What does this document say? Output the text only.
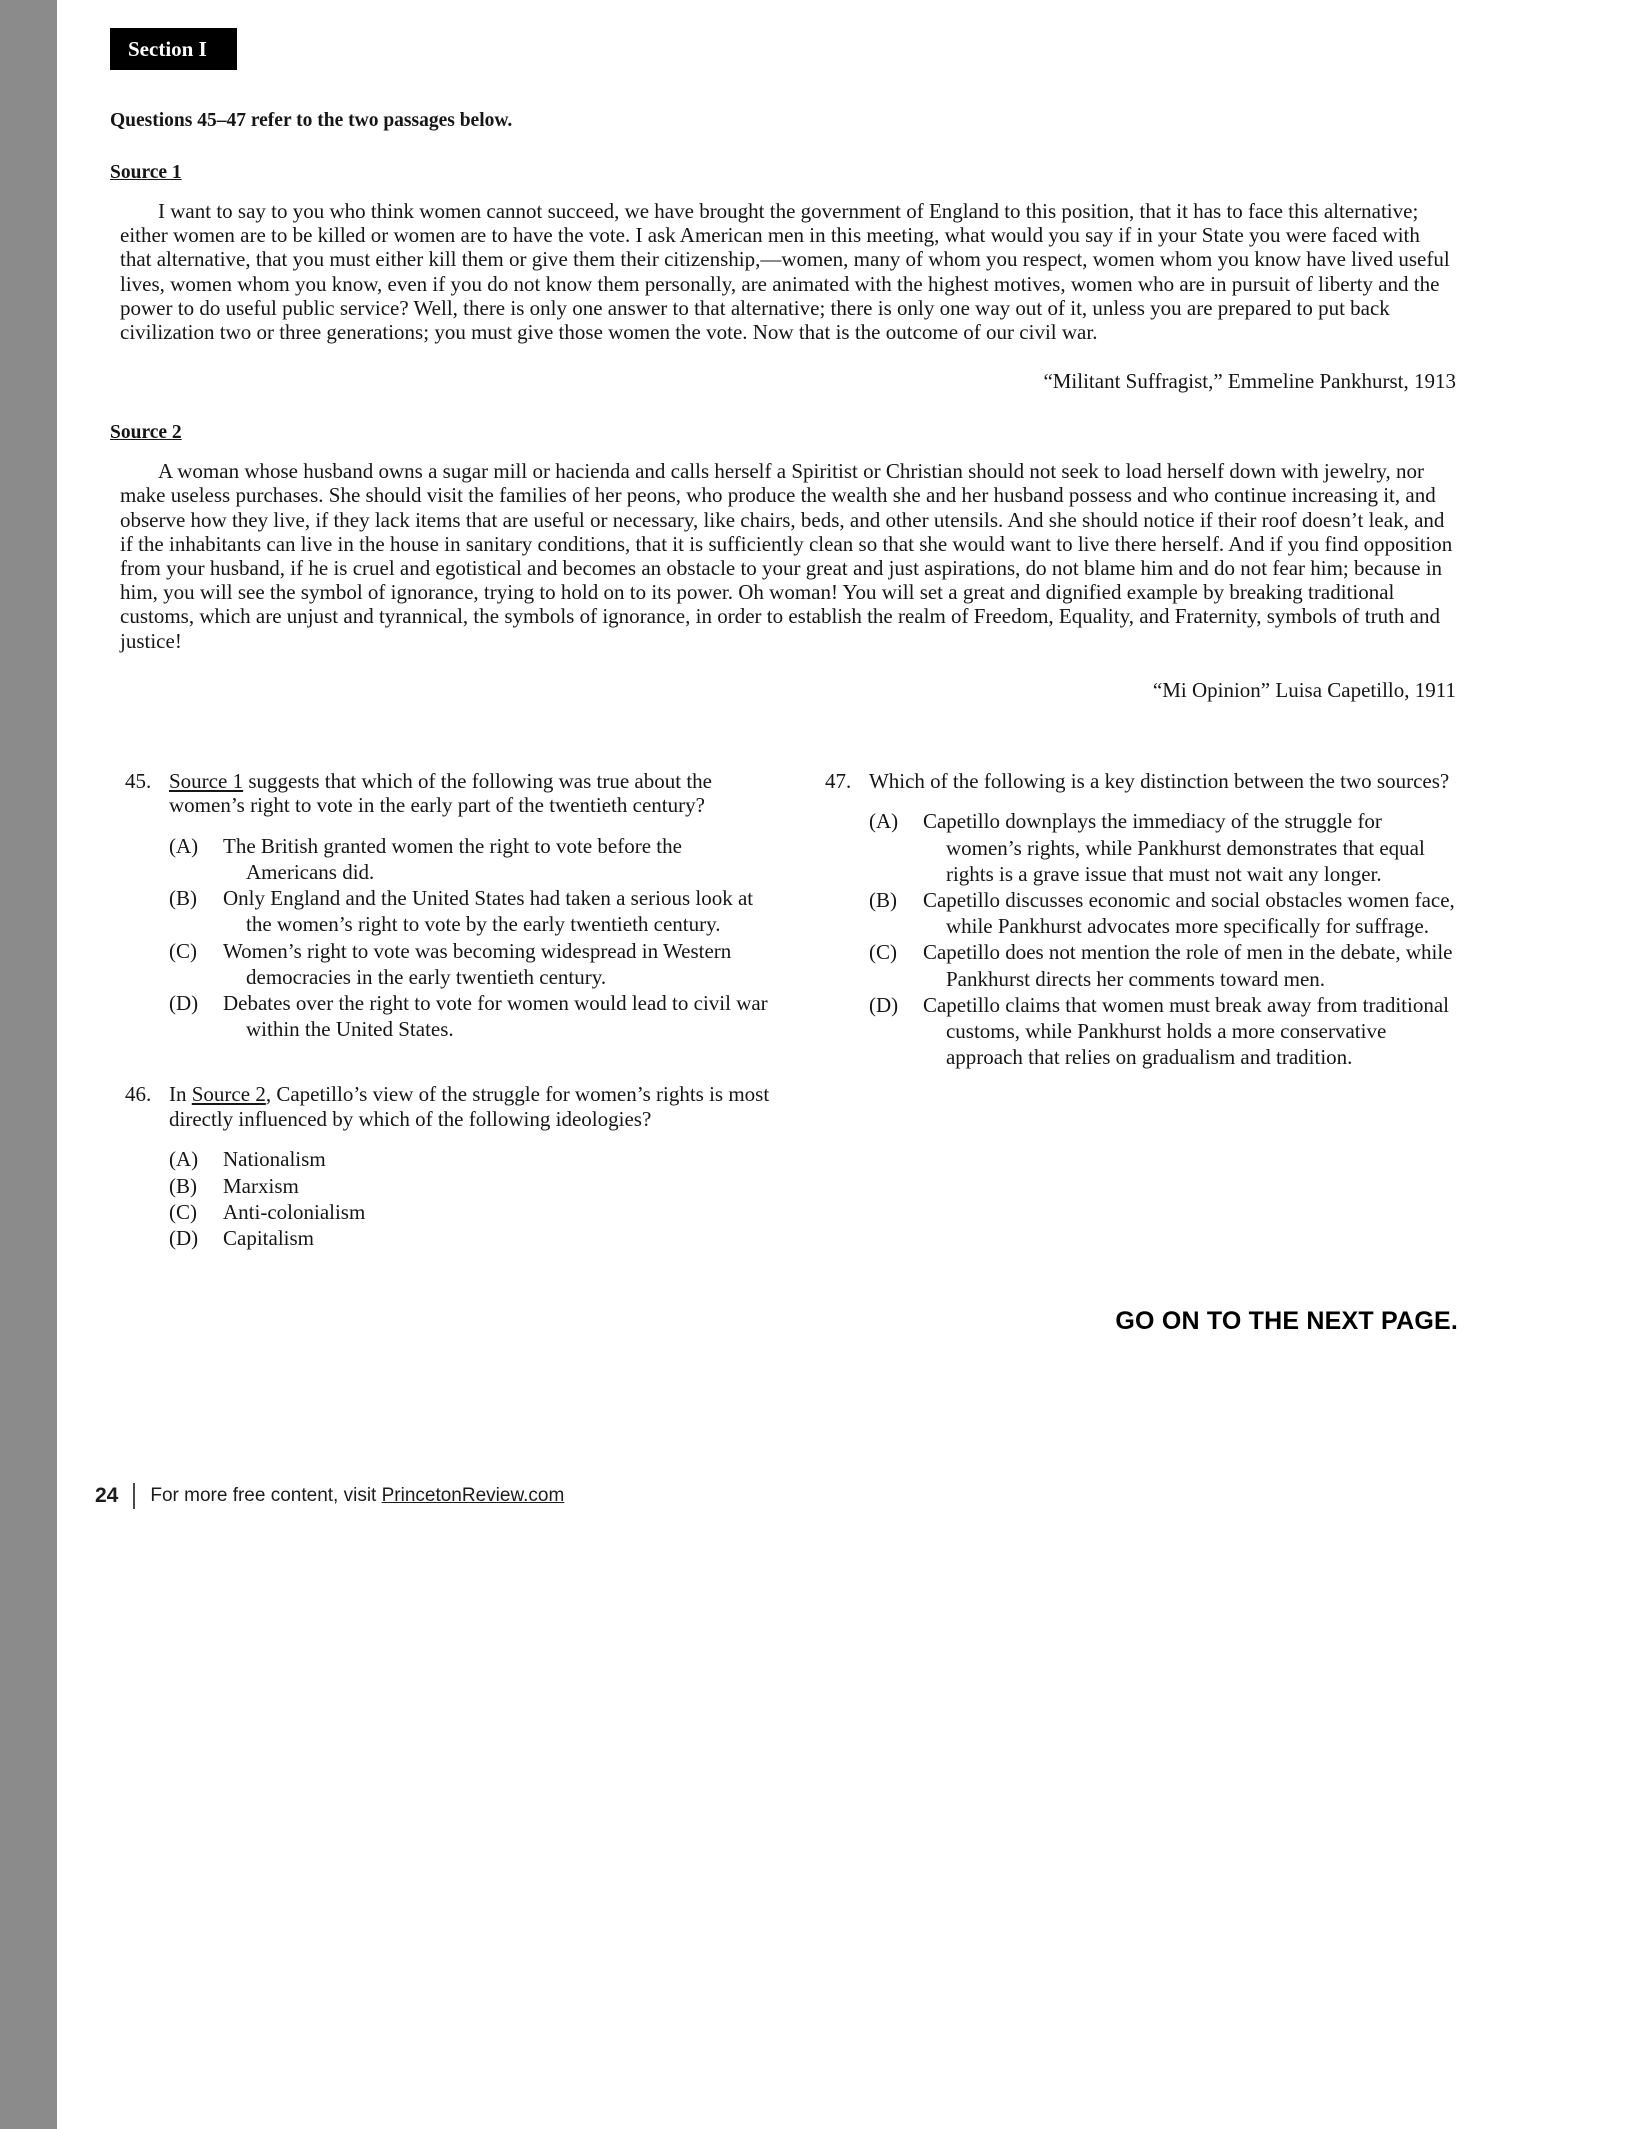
Section I
Questions 45–47 refer to the two passages below.
Source 1
I want to say to you who think women cannot succeed, we have brought the government of England to this position, that it has to face this alternative; either women are to be killed or women are to have the vote. I ask American men in this meeting, what would you say if in your State you were faced with that alternative, that you must either kill them or give them their citizenship,—women, many of whom you respect, women whom you know have lived useful lives, women whom you know, even if you do not know them personally, are animated with the highest motives, women who are in pursuit of liberty and the power to do useful public service? Well, there is only one answer to that alternative; there is only one way out of it, unless you are prepared to put back civilization two or three generations; you must give those women the vote. Now that is the outcome of our civil war.
“Militant Suffragist,” Emmeline Pankhurst, 1913
Source 2
A woman whose husband owns a sugar mill or hacienda and calls herself a Spiritist or Christian should not seek to load herself down with jewelry, nor make useless purchases. She should visit the families of her peons, who produce the wealth she and her husband possess and who continue increasing it, and observe how they live, if they lack items that are useful or necessary, like chairs, beds, and other utensils. And she should notice if their roof doesn’t leak, and if the inhabitants can live in the house in sanitary conditions, that it is sufficiently clean so that she would want to live there herself. And if you find opposition from your husband, if he is cruel and egotistical and becomes an obstacle to your great and just aspirations, do not blame him and do not fear him; because in him, you will see the symbol of ignorance, trying to hold on to its power. Oh woman! You will set a great and dignified example by breaking traditional customs, which are unjust and tyrannical, the symbols of ignorance, in order to establish the realm of Freedom, Equality, and Fraternity, symbols of truth and justice!
“Mi Opinion” Luisa Capetillo, 1911
45. Source 1 suggests that which of the following was true about the women’s right to vote in the early part of the twentieth century?
(A) The British granted women the right to vote before the Americans did.
(B) Only England and the United States had taken a serious look at the women’s right to vote by the early twentieth century.
(C) Women’s right to vote was becoming widespread in Western democracies in the early twentieth century.
(D) Debates over the right to vote for women would lead to civil war within the United States.
46. In Source 2, Capetillo’s view of the struggle for women’s rights is most directly influenced by which of the following ideologies?
(A) Nationalism
(B) Marxism
(C) Anti-colonialism
(D) Capitalism
47. Which of the following is a key distinction between the two sources?
(A) Capetillo downplays the immediacy of the struggle for women’s rights, while Pankhurst demonstrates that equal rights is a grave issue that must not wait any longer.
(B) Capetillo discusses economic and social obstacles women face, while Pankhurst advocates more specifically for suffrage.
(C) Capetillo does not mention the role of men in the debate, while Pankhurst directs her comments toward men.
(D) Capetillo claims that women must break away from traditional customs, while Pankhurst holds a more conservative approach that relies on gradualism and tradition.
GO ON TO THE NEXT PAGE.
24 For more free content, visit PrincetonReview.com
